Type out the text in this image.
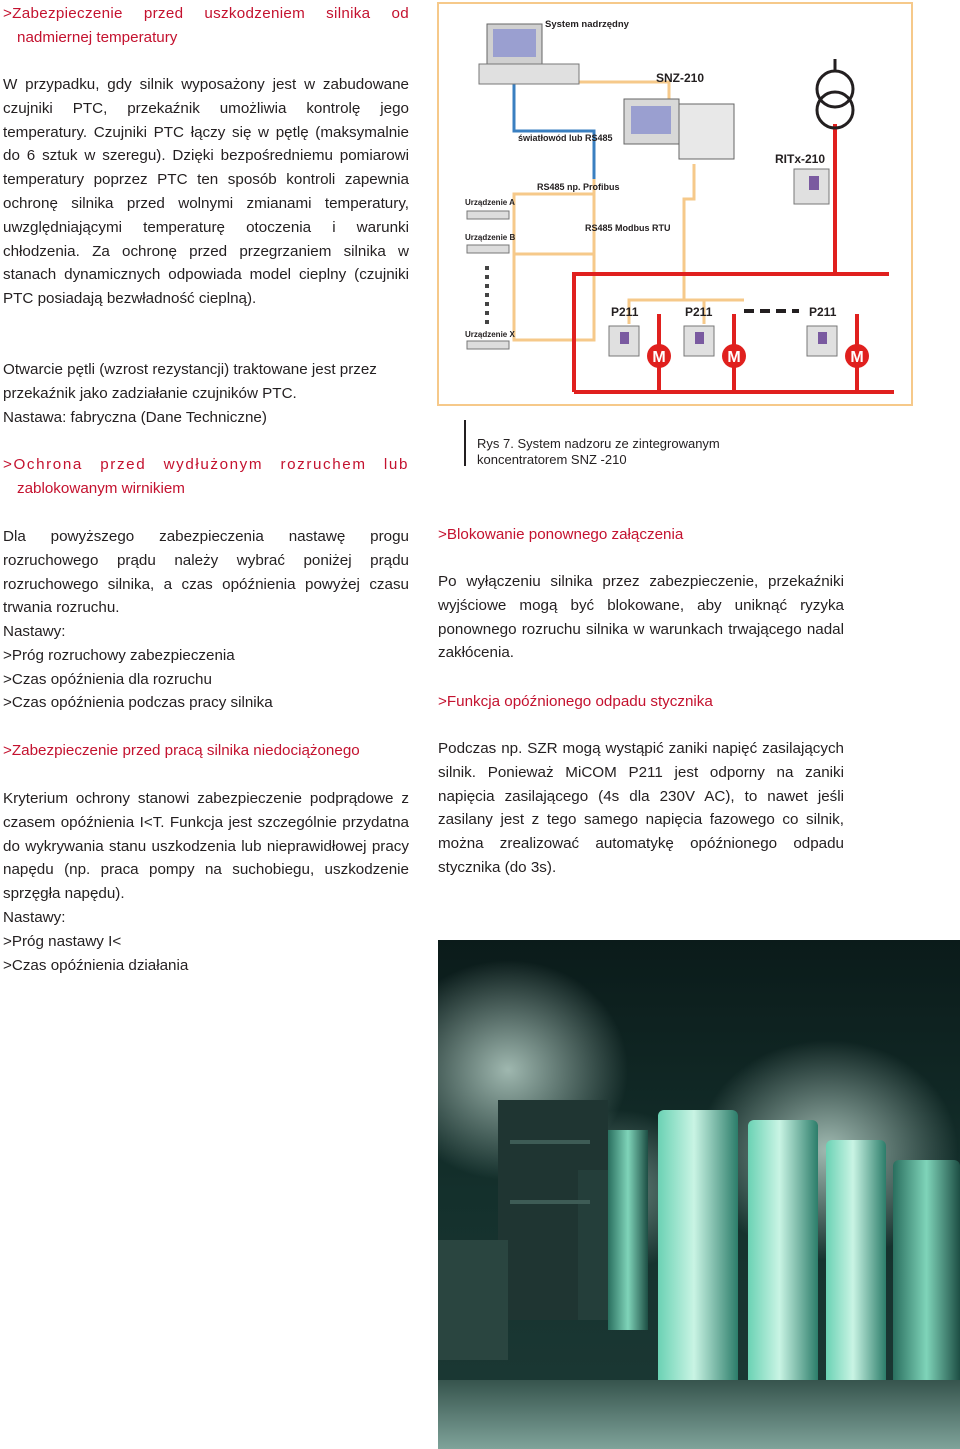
>Zabezpieczenie przed uszkodzeniem silnika od

nadmiernej temperatury

W przypadku, gdy silnik wyposażony jest w zabudowane czujniki PTC, przekaźnik umożliwia kontrolę jego temperatury. Czujniki PTC łączy się w pętlę (maksymalnie do 6 sztuk w szeregu). Dzięki bezpośredniemu pomiarowi temperatury poprzez PTC ten sposób kontroli zapewnia ochronę silnika przed wolnymi zmianami temperatury, uwzględniającymi temperaturę otoczenia i warunki chłodzenia. Za ochronę przed przegrzaniem silnika w stanach dynamicznych odpowiada model cieplny (czujniki PTC posiadają bezwładność cieplną).
Otwarcie pętli (wzrost rezystancji) traktowane jest przez przekaźnik jako zadziałanie czujników PTC.
Nastawa: fabryczna (Dane Techniczne)

>Ochrona przed wydłużonym rozruchem lub

zablokowanym wirnikiem

Dla powyższego zabezpieczenia nastawę progu rozruchowego prądu należy wybrać poniżej prądu rozruchowego silnika, a czas opóźnienia powyżej czasu trwania rozruchu.

Nastawy:

>Próg rozruchowy zabezpieczenia

>Czas opóźnienia dla rozruchu

>Czas opóźnienia podczas pracy silnika

>Zabezpieczenie przed pracą silnika niedociążonego
Kryterium ochrony stanowi zabezpieczenie podprądowe z czasem opóźnienia I<T. Funkcja jest szczególnie przydatna do wykrywania stanu uszkodzenia lub nieprawidłowej pracy napędu (np. praca pompy na suchobiegu, uszkodzenie sprzęgła napędu).

Nastawy:

>Próg nastawy I<

>Czas opóźnienia działania

M	M	M
System nadrzędny
SNZ-210
RITx-210
światłowód lub RS485
RS485 np. Profibus
RS485 Modbus RTU
Urządzenie A
Urządzenie B
Urządzenie X
P211	P211	P211
Rys 7. System nadzoru ze zintegrowanym
koncentratorem SNZ -210
>Blokowanie ponownego załączenia
Po wyłączeniu silnika przez zabezpieczenie, przekaźniki wyjściowe mogą być blokowane, aby uniknąć ryzyka ponownego rozruchu silnika w warunkach trwającego nadal zakłócenia.
>Funkcja opóźnionego odpadu stycznika
Podczas np. SZR mogą wystąpić zaniki napięć zasilających silnik. Ponieważ MiCOM P211 jest odporny na zaniki napięcia zasilającego (4s dla 230V AC), to nawet jeśli zasilany jest z tego samego napięcia fazowego co silnik, można zrealizować automatykę opóźnionego odpadu stycznika (do 3s).
